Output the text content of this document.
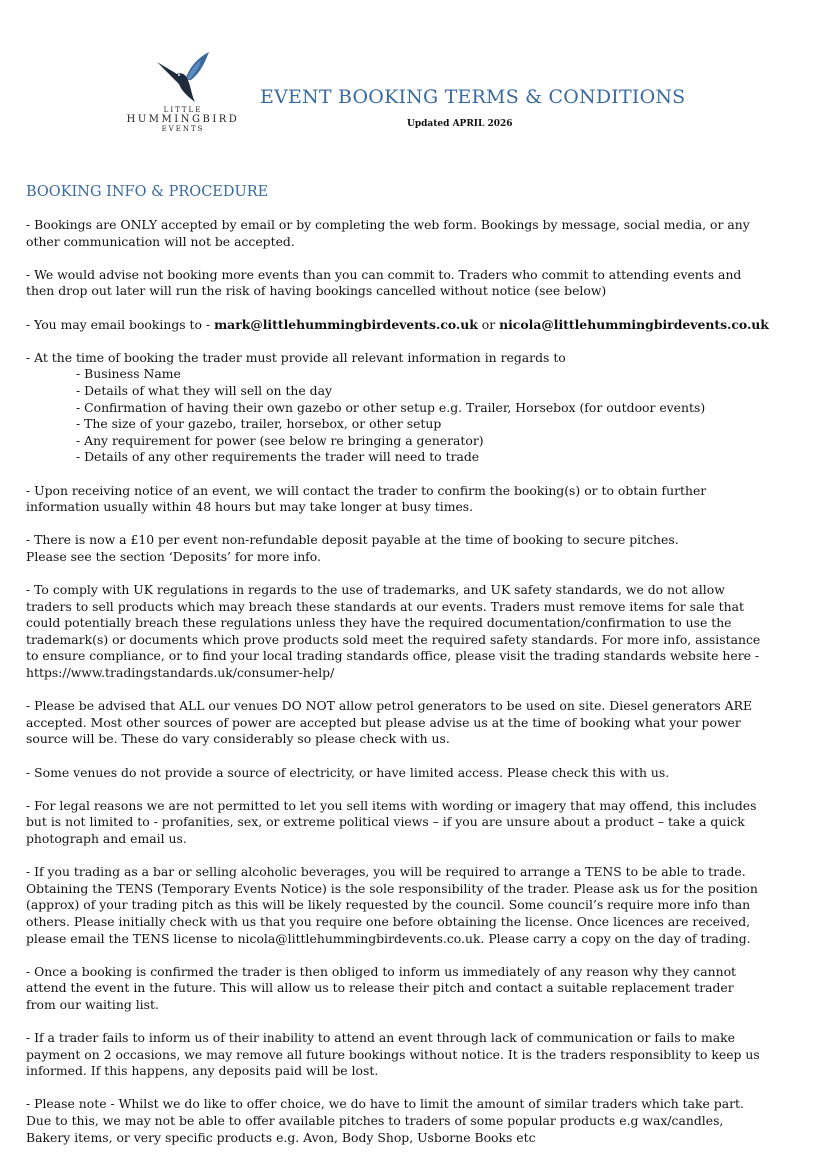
LITTLE
HUMMINGBIRD
EVENTS
EVENT BOOKING TERMS & CONDITIONS
Updated APRIL 2026
BOOKING INFO & PROCEDURE
- Bookings are ONLY accepted by email or by completing the web form. Bookings by message, social media, or any
other communication will not be accepted.
- We would advise not booking more events than you can commit to. Traders who commit to attending events and
then drop out later will run the risk of having bookings cancelled without notice (see below)
- You may email bookings to - mark@littlehummingbirdevents.co.uk or nicola@littlehummingbirdevents.co.uk
- At the time of booking the trader must provide all relevant information in regards to
- Business Name
- Details of what they will sell on the day
- Confirmation of having their own gazebo or other setup e.g. Trailer, Horsebox (for outdoor events)
- The size of your gazebo, trailer, horsebox, or other setup
- Any requirement for power (see below re bringing a generator)
- Details of any other requirements the trader will need to trade
- Upon receiving notice of an event, we will contact the trader to confirm the booking(s) or to obtain further
information usually within 48 hours but may take longer at busy times.
- There is now a £10 per event non-refundable deposit payable at the time of booking to secure pitches.
Please see the section ‘Deposits’ for more info.
- To comply with UK regulations in regards to the use of trademarks, and UK safety standards, we do not allow
traders to sell products which may breach these standards at our events. Traders must remove items for sale that
could potentially breach these regulations unless they have the required documentation/confirmation to use the
trademark(s) or documents which prove products sold meet the required safety standards. For more info, assistance
to ensure compliance, or to find your local trading standards office, please visit the trading standards website here -
https://www.tradingstandards.uk/consumer-help/
- Please be advised that ALL our venues DO NOT allow petrol generators to be used on site. Diesel generators ARE
accepted. Most other sources of power are accepted but please advise us at the time of booking what your power
source will be. These do vary considerably so please check with us.
- Some venues do not provide a source of electricity, or have limited access. Please check this with us.
- For legal reasons we are not permitted to let you sell items with wording or imagery that may offend, this includes
but is not limited to - profanities, sex, or extreme political views – if you are unsure about a product – take a quick
photograph and email us.
- If you trading as a bar or selling alcoholic beverages, you will be required to arrange a TENS to be able to trade.
Obtaining the TENS (Temporary Events Notice) is the sole responsibility of the trader. Please ask us for the position
(approx) of your trading pitch as this will be likely requested by the council. Some council’s require more info than
others. Please initially check with us that you require one before obtaining the license. Once licences are received,
please email the TENS license to nicola@littlehummingbirdevents.co.uk. Please carry a copy on the day of trading.
- Once a booking is confirmed the trader is then obliged to inform us immediately of any reason why they cannot
attend the event in the future. This will allow us to release their pitch and contact a suitable replacement trader
from our waiting list.
- If a trader fails to inform us of their inability to attend an event through lack of communication or fails to make
payment on 2 occasions, we may remove all future bookings without notice. It is the traders responsiblity to keep us
informed. If this happens, any deposits paid will be lost.
- Please note - Whilst we do like to offer choice, we do have to limit the amount of similar traders which take part.
Due to this, we may not be able to offer available pitches to traders of some popular products e.g wax/candles,
Bakery items, or very specific products e.g. Avon, Body Shop, Usborne Books etc
